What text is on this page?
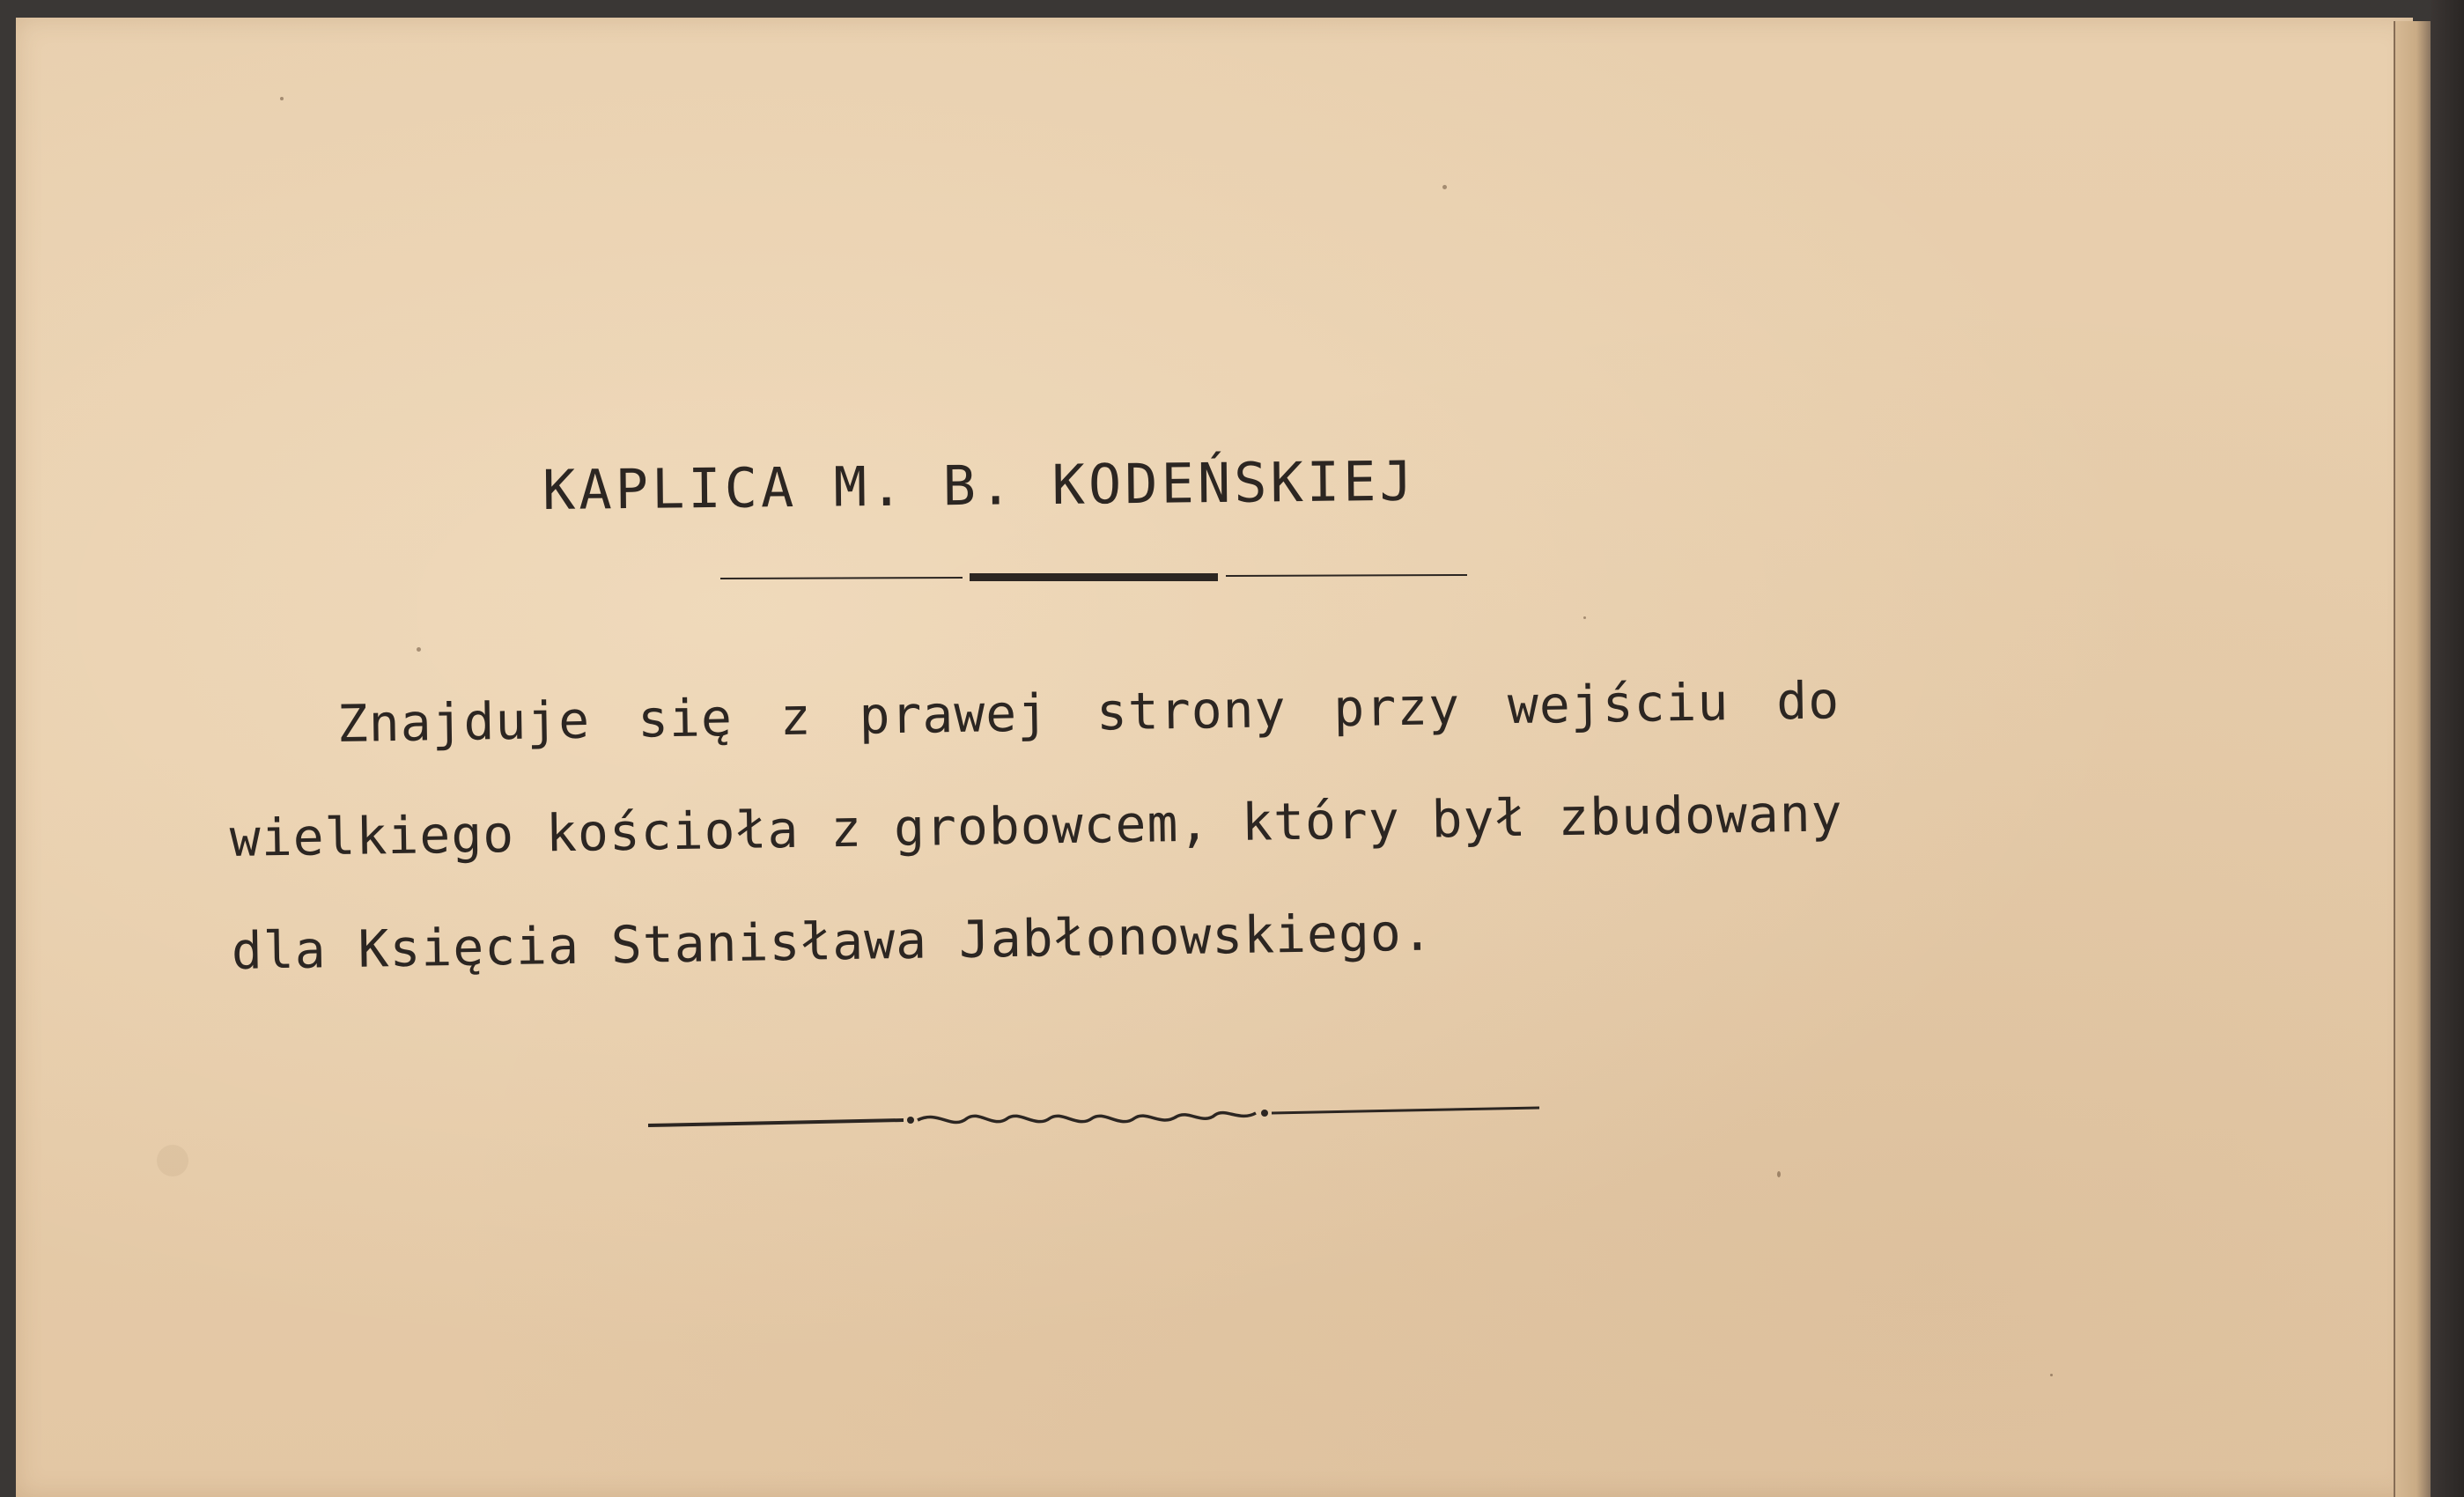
KAPLICA M. B. KODEŃSKIEJ
Znajduje się z prawej strony przy wejściu do
wielkiego kościoła z grobowcem, który był zbudowany
dla Księcia Stanisława Jabłonowskiego.
